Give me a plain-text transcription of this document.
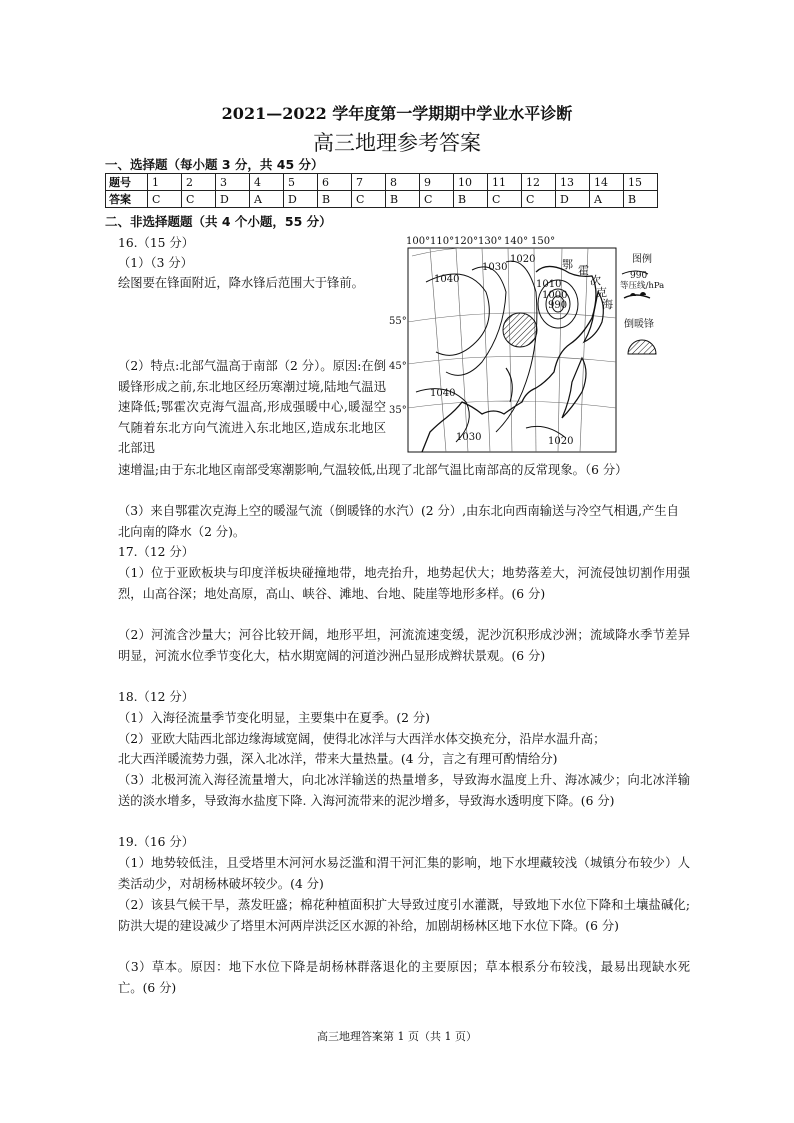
2021—2022 学年度第一学期期中学业水平诊断
高三地理参考答案
一、选择题（每小题 3 分，共 45 分）
题号	1	2	3	4	5	6	7	8	9	10	11	12	13	14	15
答案	C	C	D	A	D	B	C	B	C	B	C	C	D	A	B
二、非选择题题（共 4 个小题，55 分）
16.（15 分）
（1）（3 分）
绘图要在锋面附近，降水锋后范围大于锋前。
（2）特点:北部气温高于南部（2 分）。原因:在倒暖锋形成之前,东北地区经历寒潮过境,陆地气温迅速降低;鄂霍次克海气温高,形成强暖中心,暖湿空气随着东北方向气流进入东北地区,造成东北地区北部迅
速增温;由于东北地区南部受寒潮影响,气温较低,出现了北部气温比南部高的反常现象。（6 分）
（3）来自鄂霍次克海上空的暖湿气流（倒暖锋的水汽）(2 分）,由东北向西南输送与冷空气相遇,产生自北向南的降水（2 分)。
100° 110° 120° 130° 140° 150°
55°
45°
35°
1040
1030
1020
1010
1000
990
1040
1030	1020
鄂 霍
次
克
海
图例
990
等压线/hPa
倒暖锋
17.（12 分）
（1）位于亚欧板块与印度洋板块碰撞地带，地壳抬升，地势起伏大；地势落差大，河流侵蚀切割作用强烈，山高谷深；地处高原，高山、峡谷、滩地、台地、陡崖等地形多样。(6 分)
（2）河流含沙量大；河谷比较开阔，地形平坦，河流流速变缓，泥沙沉积形成沙洲；流域降水季节差异明显，河流水位季节变化大，枯水期宽阔的河道沙洲凸显形成辫状景观。(6 分)
18.（12 分）
（1）入海径流量季节变化明显，主要集中在夏季。(2 分)
（2）亚欧大陆西北部边缘海域宽阔，使得北冰洋与大西洋水体交换充分，沿岸水温升高；
北大西洋暖流势力强，深入北冰洋，带来大量热量。(4 分，言之有理可酌情给分)
（3）北极河流入海径流量增大，向北冰洋输送的热量增多，导致海水温度上升、海冰减少；向北冰洋输送的淡水增多，导致海水盐度下降. 入海河流带来的泥沙增多，导致海水透明度下降。(6 分)
19.（16 分）
（1）地势较低洼，且受塔里木河河水易泛滥和渭干河汇集的影响，地下水埋藏较浅（城镇分布较少）人类活动少，对胡杨林破坏较少。(4 分)
（2）该县气候干旱，蒸发旺盛；棉花种植面积扩大导致过度引水灌溉，导致地下水位下降和土壤盐碱化; 防洪大堤的建设减少了塔里木河两岸洪泛区水源的补给，加剧胡杨林区地下水位下降。(6 分)
（3）草本。原因：地下水位下降是胡杨林群落退化的主要原因；草本根系分布较浅，最易出现缺水死亡。(6 分)
高三地理答案第 1 页（共 1 页）
